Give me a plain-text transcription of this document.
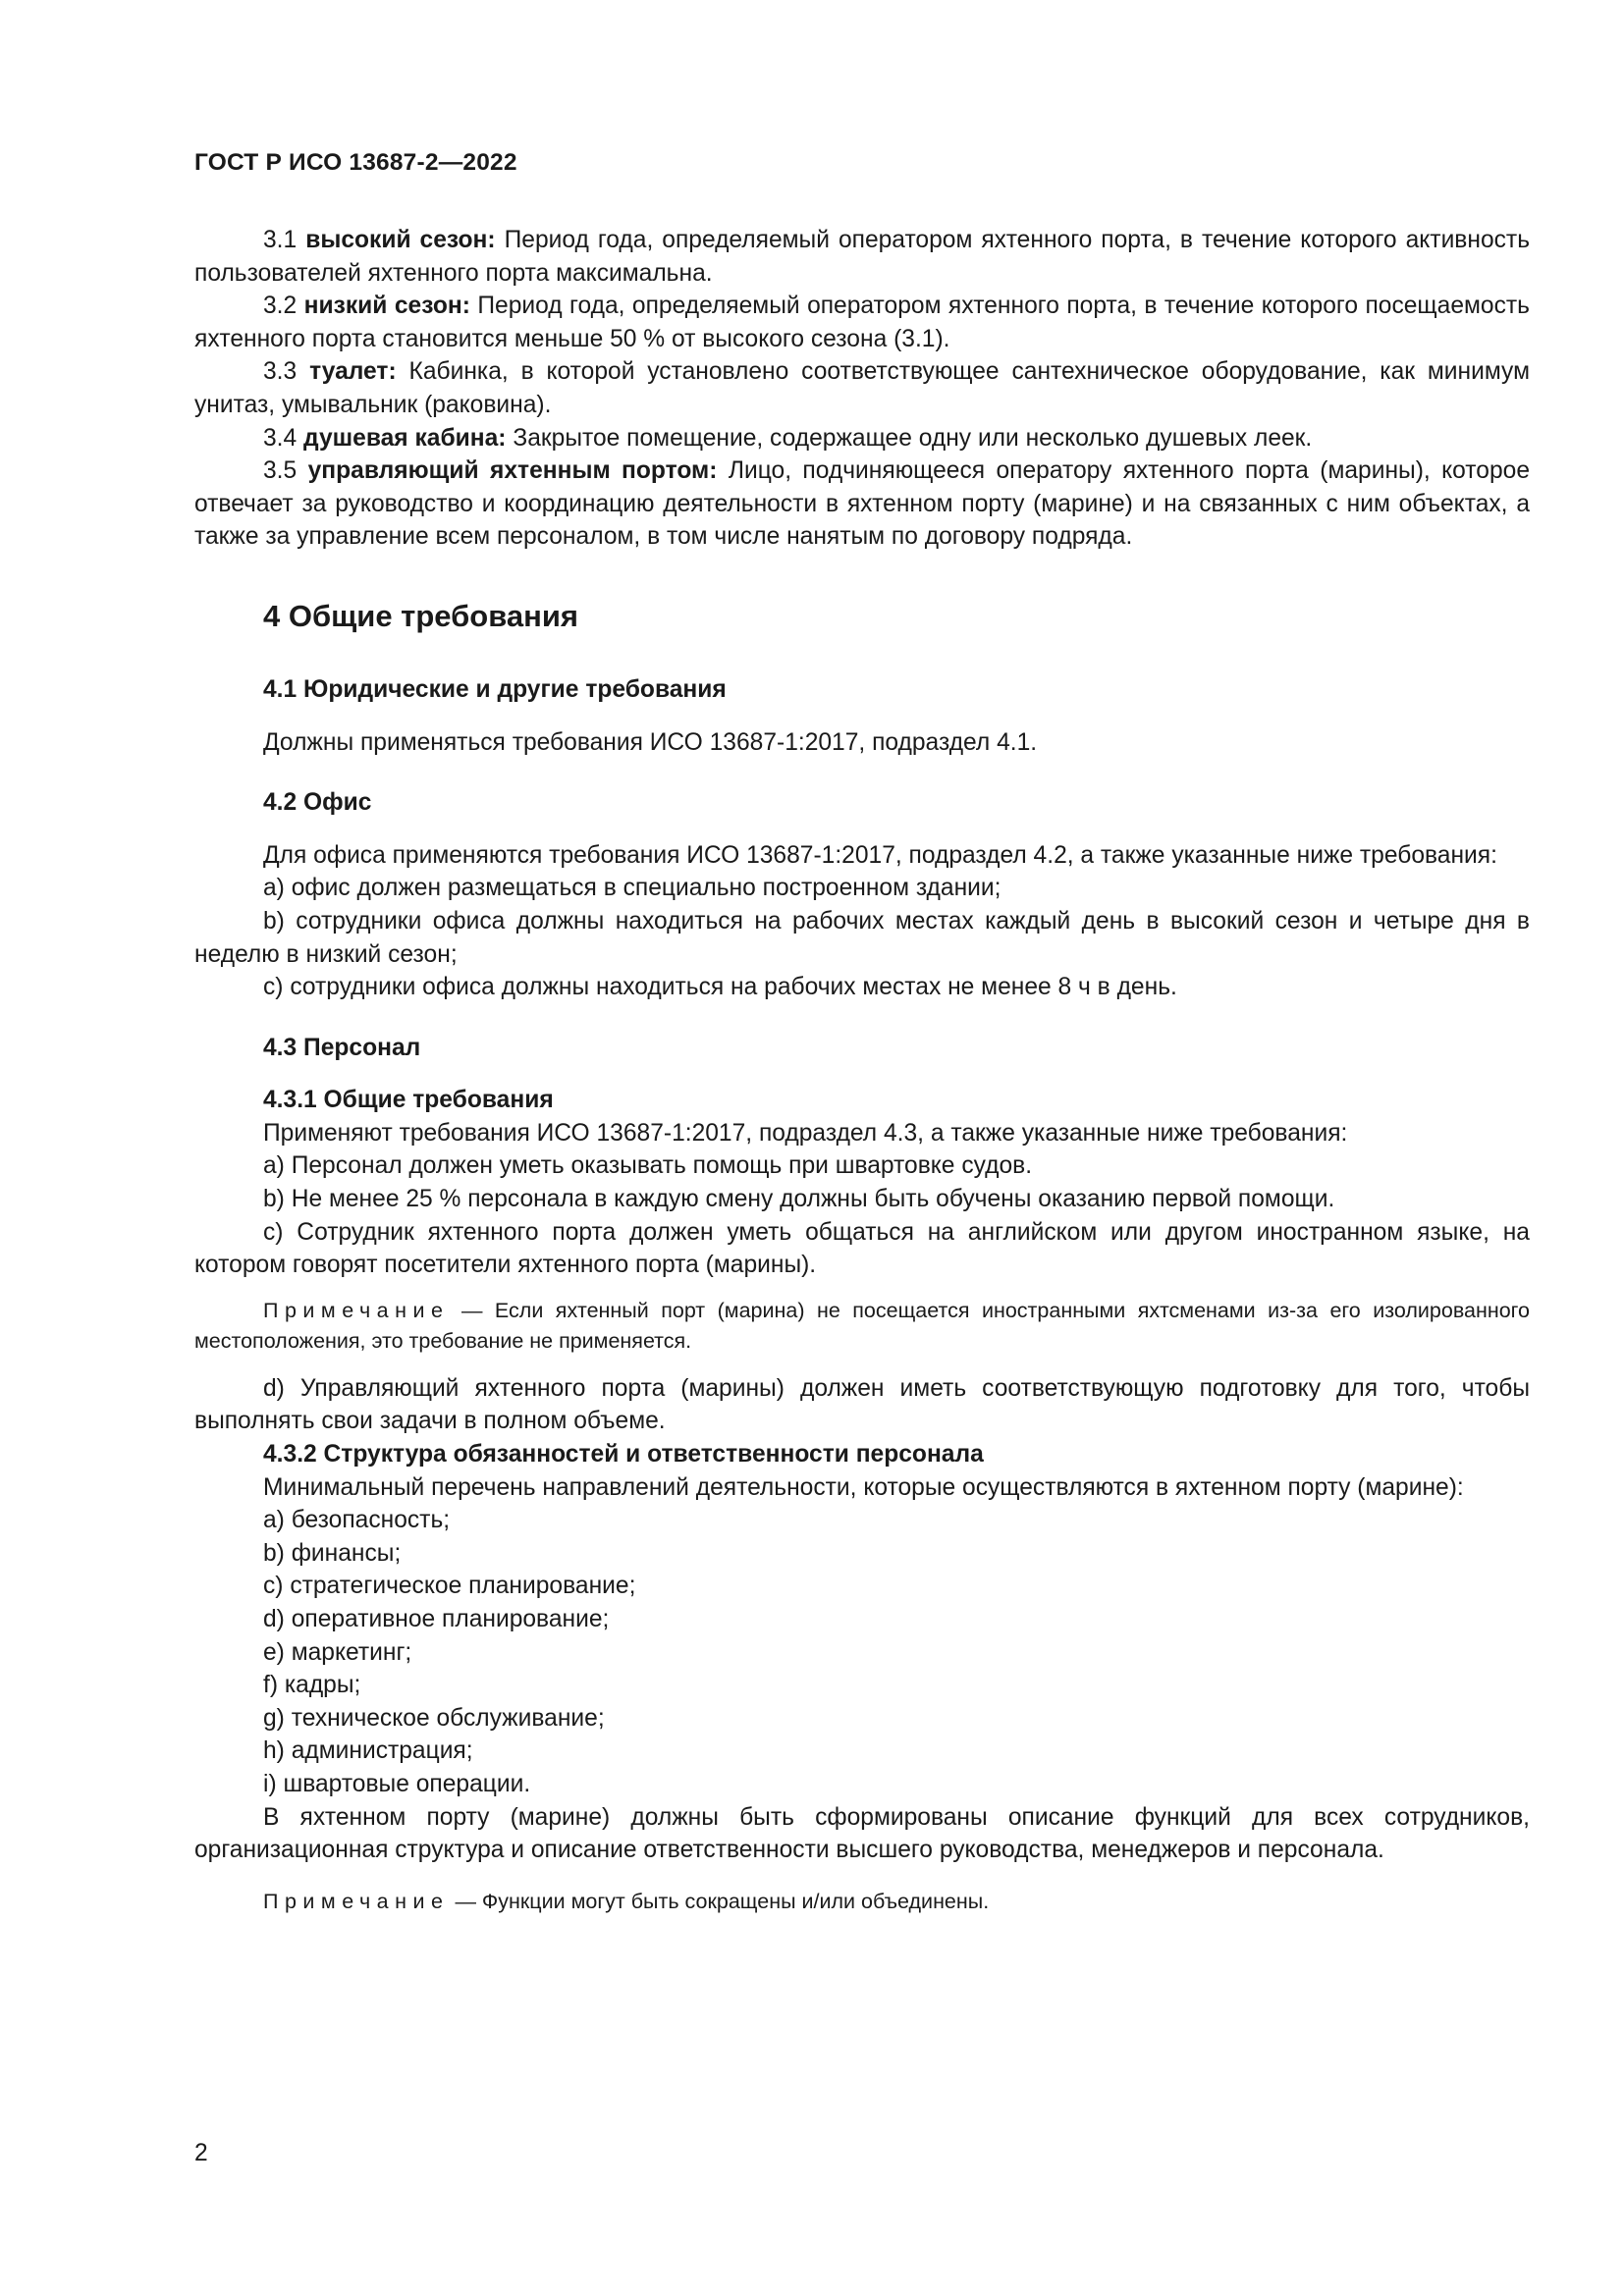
ГОСТ Р ИСО 13687-2—2022

3.1 высокий сезон: Период года, определяемый оператором яхтенного порта, в течение которого активность пользователей яхтенного порта максимальна.

3.2 низкий сезон: Период года, определяемый оператором яхтенного порта, в течение которого посещаемость яхтенного порта становится меньше 50 % от высокого сезона (3.1).

3.3 туалет: Кабинка, в которой установлено соответствующее сантехническое оборудование, как минимум унитаз, умывальник (раковина).

3.4 душевая кабина: Закрытое помещение, содержащее одну или несколько душевых леек.

3.5 управляющий яхтенным портом: Лицо, подчиняющееся оператору яхтенного порта (марины), которое отвечает за руководство и координацию деятельности в яхтенном порту (марине) и на связанных с ним объектах, а также за управление всем персоналом, в том числе нанятым по договору подряда.

4 Общие требования
4.1 Юридические и другие требования

Должны применяться требования ИСО 13687-1:2017, подраздел 4.1.

4.2 Офис

Для офиса применяются требования ИСО 13687-1:2017, подраздел 4.2, а также указанные ниже требования:

a) офис должен размещаться в специально построенном здании;

b) сотрудники офиса должны находиться на рабочих местах каждый день в высокий сезон и четыре дня в неделю в низкий сезон;

c) сотрудники офиса должны находиться на рабочих местах не менее 8 ч в день.

4.3 Персонал
4.3.1 Общие требования

Применяют требования ИСО 13687-1:2017, подраздел 4.3, а также указанные ниже требования:

a) Персонал должен уметь оказывать помощь при швартовке судов.

b) Не менее 25 % персонала в каждую смену должны быть обучены оказанию первой помощи.

c) Сотрудник яхтенного порта должен уметь общаться на английском или другом иностранном языке, на котором говорят посетители яхтенного порта (марины).

Примечание — Если яхтенный порт (марина) не посещается иностранными яхтсменами из-за его изолированного местоположения, это требование не применяется.

d) Управляющий яхтенного порта (марины) должен иметь соответствующую подготовку для того, чтобы выполнять свои задачи в полном объеме.

4.3.2 Структура обязанностей и ответственности персонала

Минимальный перечень направлений деятельности, которые осуществляются в яхтенном порту (марине):

a) безопасность;

b) финансы;

c) стратегическое планирование;

d) оперативное планирование;

e) маркетинг;

f) кадры;

g) техническое обслуживание;

h) администрация;

i) швартовые операции.

В яхтенном порту (марине) должны быть сформированы описание функций для всех сотрудников, организационная структура и описание ответственности высшего руководства, менеджеров и персонала.

Примечание — Функции могут быть сокращены и/или объединены.
2
